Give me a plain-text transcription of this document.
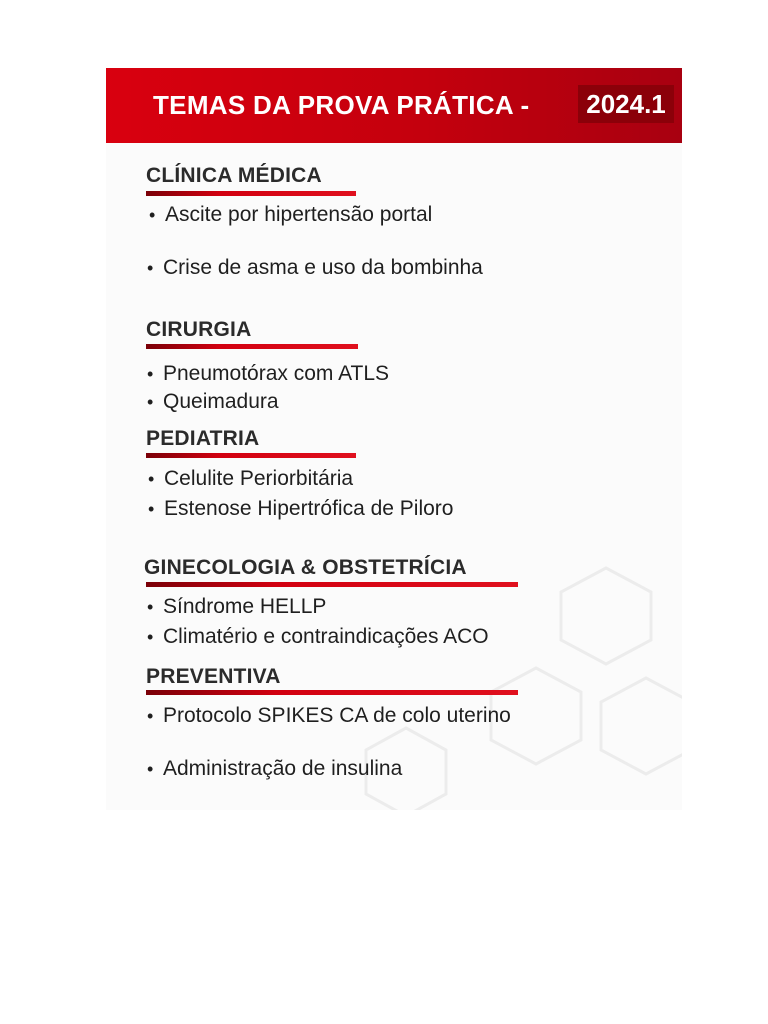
TEMAS DA PROVA PRÁTICA -	2024.1
CLÍNICA MÉDICA
• Ascite por hipertensão portal
• Crise de asma e uso da bombinha
CIRURGIA
• Pneumotórax com ATLS
• Queimadura
PEDIATRIA
• Celulite Periorbitária
• Estenose Hipertrófica de Piloro
GINECOLOGIA & OBSTETRÍCIA
• Síndrome HELLP
• Climatério e contraindicações ACO
PREVENTIVA
• Protocolo SPIKES CA de colo uterino
• Administração de insulina
